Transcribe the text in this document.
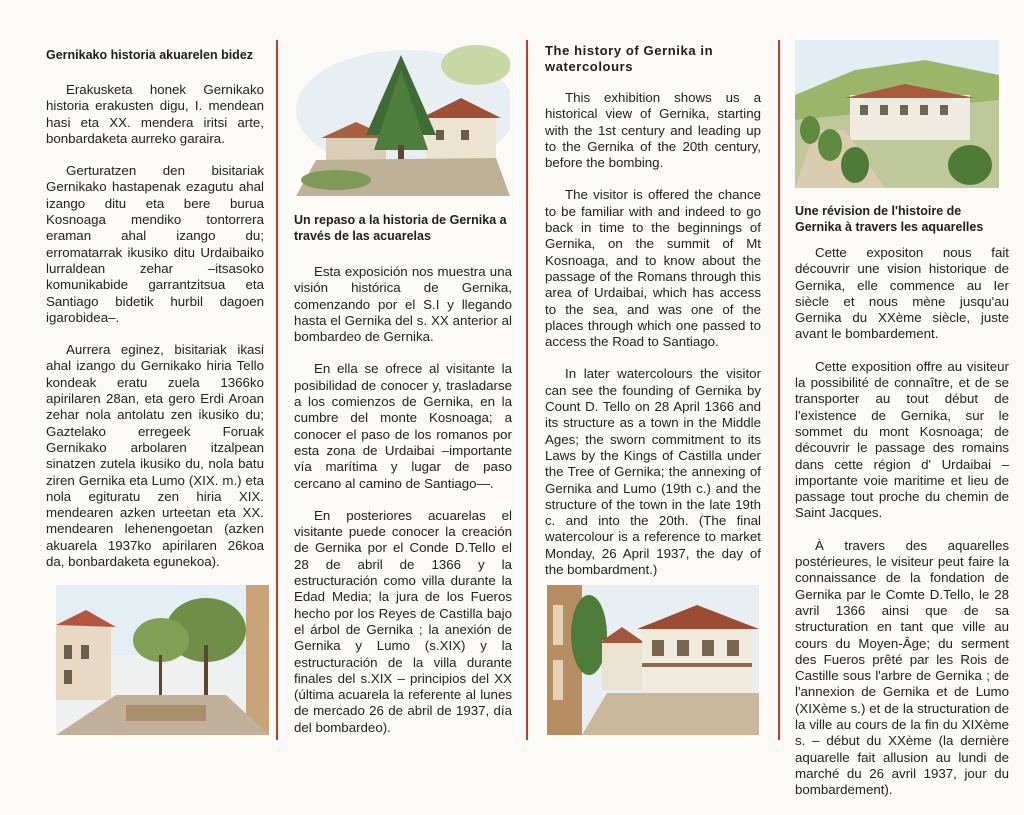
Gernikako historia akuarelen bidez

Erakusketa honek Gernikako historia erakusten digu, I. mendean hasi eta XX. mendera iritsi arte, bonbardaketa aurreko garaira.

Gerturatzen den bisitariak Gernikako hastapenak ezagutu ahal izango ditu eta bere burua Kosnoaga mendiko tontorrera eraman ahal izango du; erromatarrak ikusiko ditu Urdaibaiko lurraldean zehar –itsasoko komunikabide garrantzitsua eta Santiago bidetik hurbil dagoen igarobidea–.

Aurrera eginez, bisitariak ikasi ahal izango du Gernikako hiria Tello kondeak eratu zuela 1366ko apirilaren 28an, eta gero Erdi Aroan zehar nola antolatu zen ikusiko du; Gaztelako erregeek Foruak Gernikako arbolaren itzalpean sinatzen zutela ikusiko du, nola batu ziren Gernika eta Lumo (XIX. m.) eta nola egituratu zen hiria XIX. mendearen azken urteetan eta XX. mendearen lehenengoetan (azken akuarela 1937ko apirilaren 26koa da, bonbardaketa egunekoa).

Un repaso a la historia de Gernika a través de las acuarelas

Esta exposición nos muestra una visión histórica de Gernika, comenzando por el S.I y llegando hasta el Gernika del s. XX anterior al bombardeo de Gernika.

En ella se ofrece al visitante la posibilidad de conocer y, trasladarse a los comienzos de Gernika, en la cumbre del monte Kosnoaga; a conocer el paso de los romanos por esta zona de Urdaibai –importante vía marítima y lugar de paso cercano al camino de Santiago—.

En posteriores acuarelas el visitante puede conocer la creación de Gernika por el Conde D.Tello el 28 de abril de 1366 y la estructuración como villa durante la Edad Media; la jura de los Fueros hecho por los Reyes de Castilla bajo el árbol de Gernika ; la anexión de Gernika y Lumo (s.XIX) y la estructuración de la villa durante finales del s.XIX – principios del XX (última acuarela la referente al lunes de mercado 26 de abril de 1937, día del bombardeo).

The history of Gernika in watercolours

This exhibition shows us a historical view of Gernika, starting with the 1st century and leading up to the Gernika of the 20th century, before the bombing.

The visitor is offered the chance to be familiar with and indeed to go back in time to the beginnings of Gernika, on the summit of Mt Kosnoaga, and to know about the passage of the Romans through this area of Urdaibai, which has access to the sea, and was one of the places through which one passed to access the Road to Santiago.

In later watercolours the visitor can see the founding of Gernika by Count D. Tello on 28 April 1366 and its structure as a town in the Middle Ages; the sworn commitment to its Laws by the Kings of Castilla under the Tree of Gernika; the annexing of Gernika and Lumo (19th c.) and the structure of the town in the late 19th c. and into the 20th. (The final watercolour is a reference to market Monday, 26 April 1937, the day of the bombardment.)

Une révision de l'histoire de Gernika à travers les aquarelles

Cette expositon nous fait découvrir une vision historique de Gernika, elle commence au Ier siècle et nous mène jusqu'au Gernika du XXème siècle, juste avant le bombardement.

Cette exposition offre au visiteur la possibilité de connaître, et de se transporter au tout début de l'existence de Gernika, sur le sommet du mont Kosnoaga; de découvrir le passage des romains dans cette région d' Urdaibai – importante voie maritime et lieu de passage tout proche du chemin de Saint Jacques.

À travers des aquarelles postérieures, le visiteur peut faire la connaissance de la fondation de Gernika par le Comte D.Tello, le 28 avril 1366 ainsi que de sa structuration en tant que ville au cours du Moyen-Âge; du serment des Fueros prêté par les Rois de Castille sous l'arbre de Gernika ; de l'annexion de Gernika et de Lumo (XIXème s.) et de la structuration de la ville au cours de la fin du XIXème s. – début du XXème (la dernière aquarelle fait allusion au lundi de marché du 26 avril 1937, jour du bombardement).
